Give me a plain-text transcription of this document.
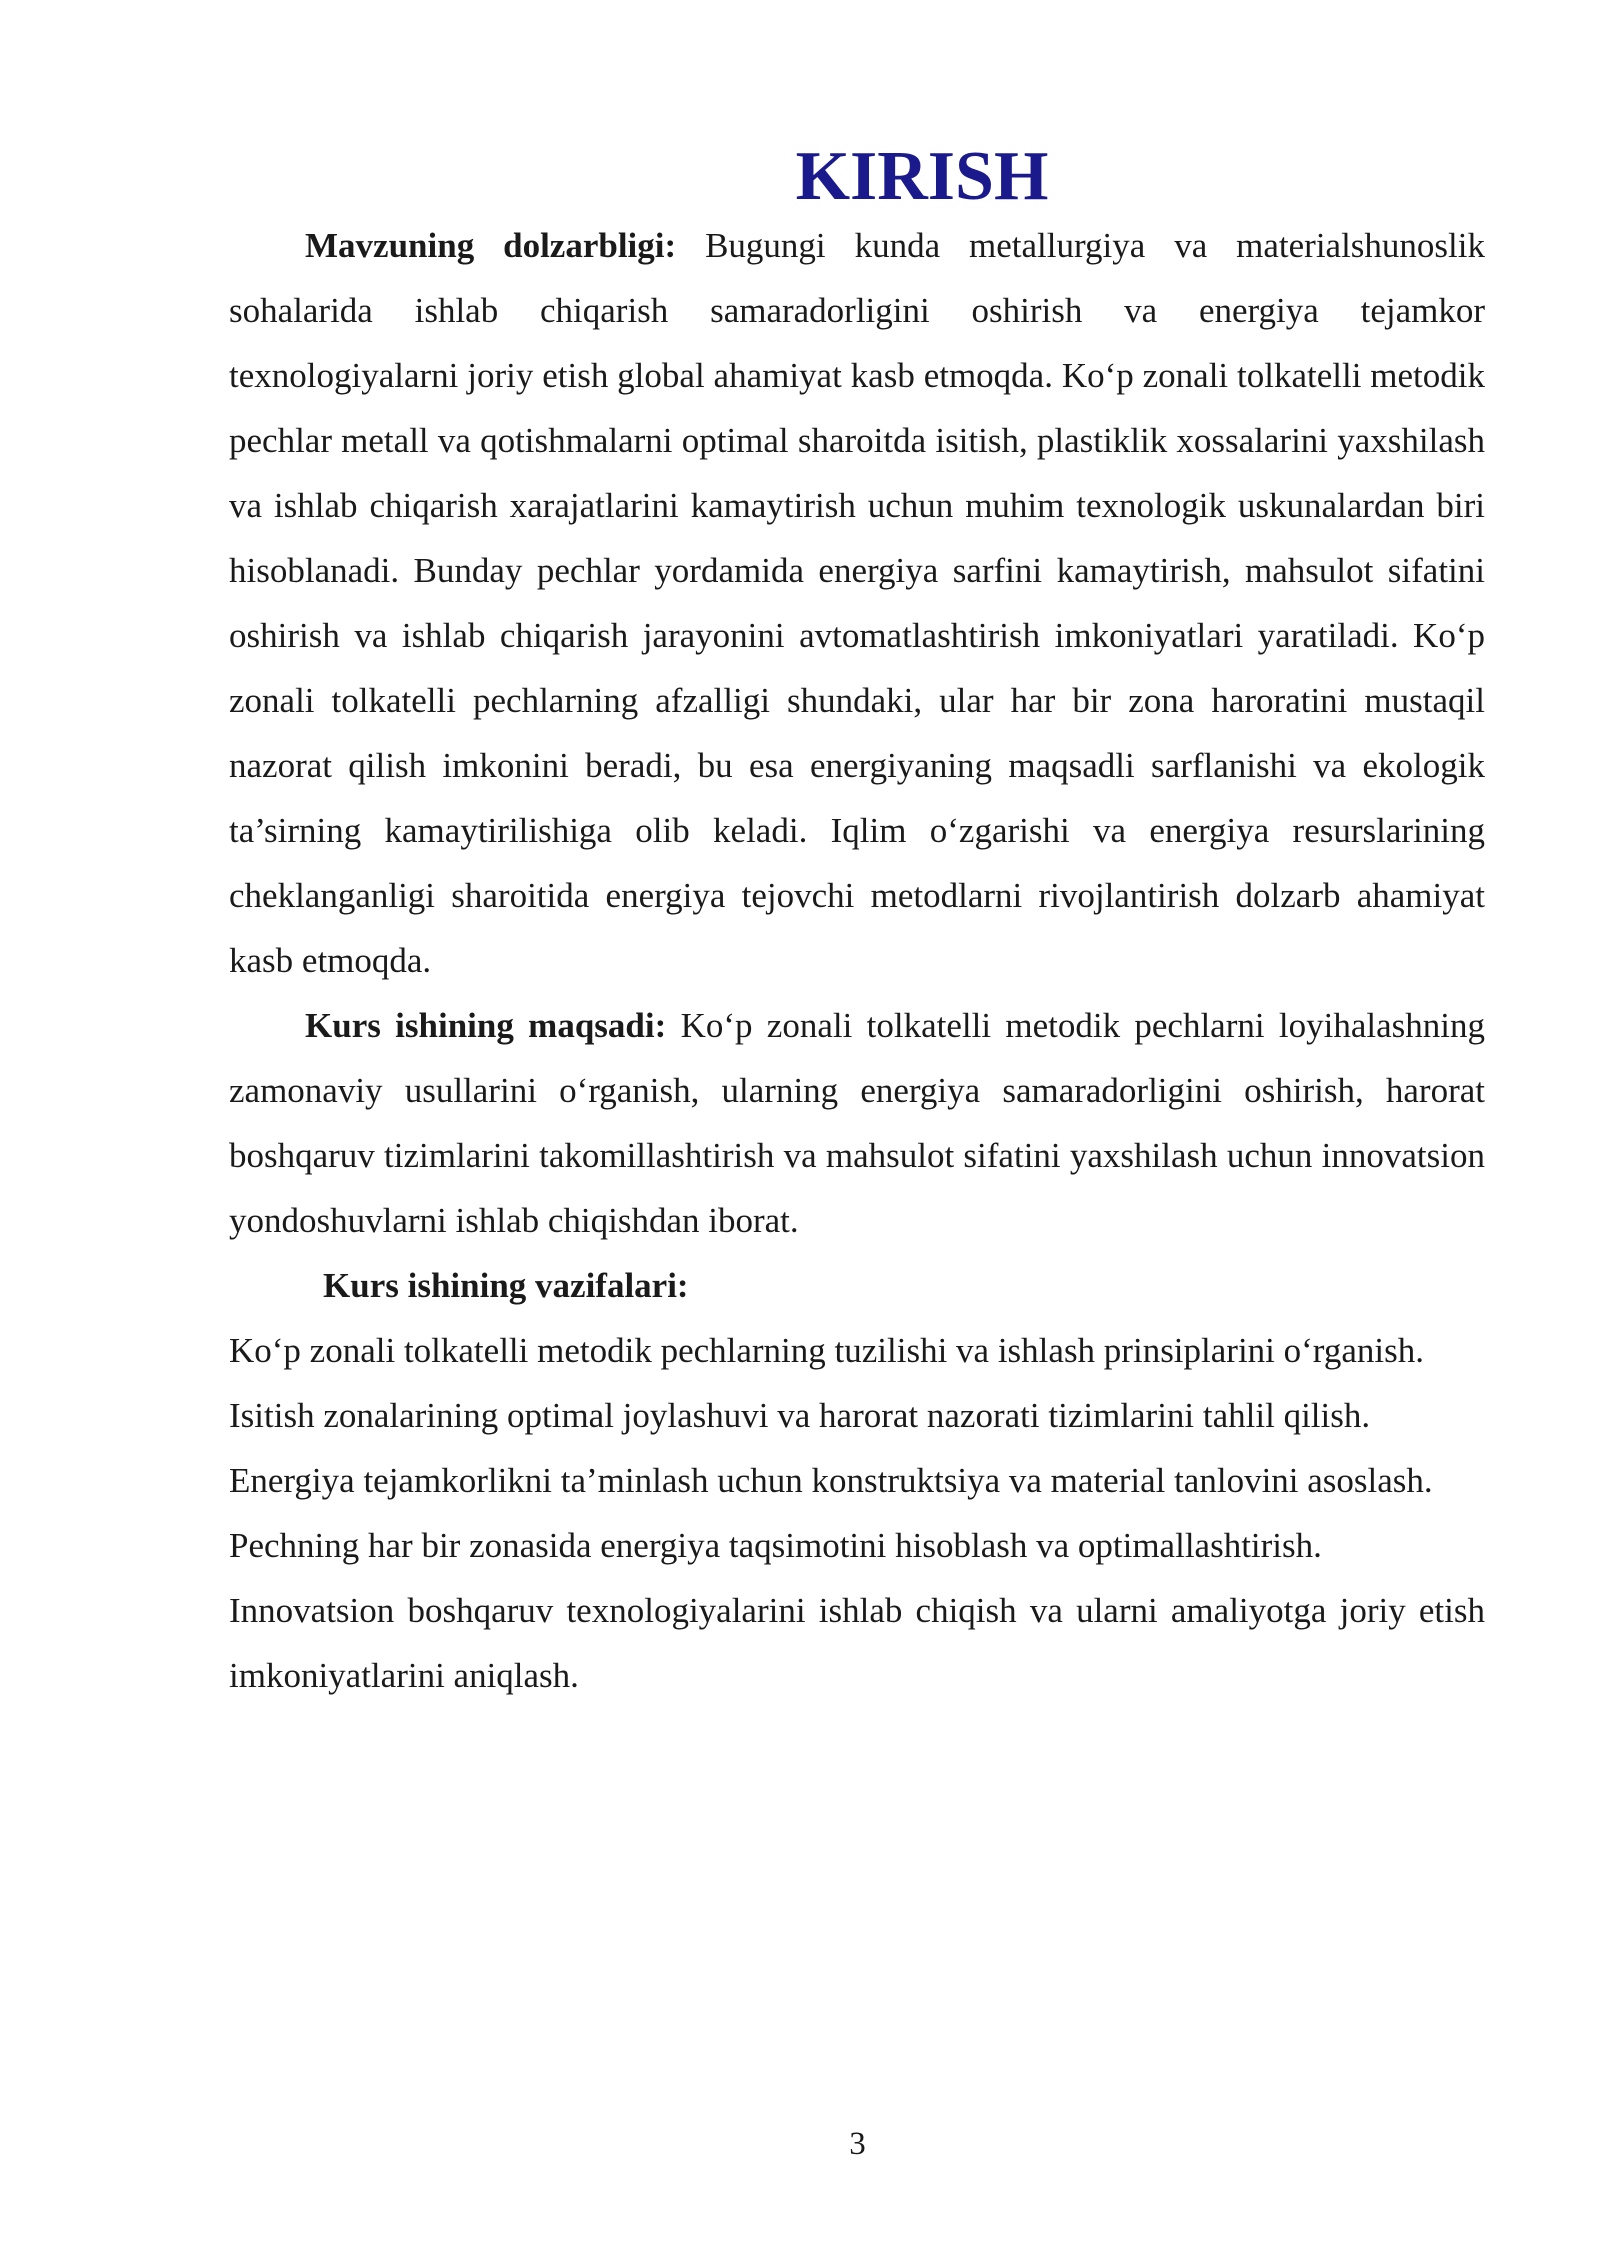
KIRISH

Mavzuning dolzarbligi: Bugungi kunda metallurgiya va materialshunoslik sohalarida ishlab chiqarish samaradorligini oshirish va energiya tejamkor texnologiyalarni joriy etish global ahamiyat kasb etmoqda. Ko‘p zonali tolkatelli metodik pechlar metall va qotishmalarni optimal sharoitda isitish, plastiklik xossalarini yaxshilash va ishlab chiqarish xarajatlarini kamaytirish uchun muhim texnologik uskunalardan biri hisoblanadi. Bunday pechlar yordamida energiya sarfini kamaytirish, mahsulot sifatini oshirish va ishlab chiqarish jarayonini avtomatlashtirish imkoniyatlari yaratiladi. Ko‘p zonali tolkatelli pechlarning afzalligi shundaki, ular har bir zona haroratini mustaqil nazorat qilish imkonini beradi, bu esa energiyaning maqsadli sarflanishi va ekologik ta’sirning kamaytirilishiga olib keladi. Iqlim o‘zgarishi va energiya resurslarining cheklanganligi sharoitida energiya tejovchi metodlarni rivojlantirish dolzarb ahamiyat kasb etmoqda.

Kurs ishining maqsadi: Ko‘p zonali tolkatelli metodik pechlarni loyihalashning zamonaviy usullarini o‘rganish, ularning energiya samaradorligini oshirish, harorat boshqaruv tizimlarini takomillashtirish va mahsulot sifatini yaxshilash uchun innovatsion yondoshuvlarni ishlab chiqishdan iborat.

Kurs ishining vazifalari:

Ko‘p zonali tolkatelli metodik pechlarning tuzilishi va ishlash prinsiplarini o‘rganish.

Isitish zonalarining optimal joylashuvi va harorat nazorati tizimlarini tahlil qilish.

Energiya tejamkorlikni ta’minlash uchun konstruktsiya va material tanlovini asoslash.

Pechning har bir zonasida energiya taqsimotini hisoblash va optimallashtirish.

Innovatsion boshqaruv texnologiyalarini ishlab chiqish va ularni amaliyotga joriy etish imkoniyatlarini aniqlash.

3
